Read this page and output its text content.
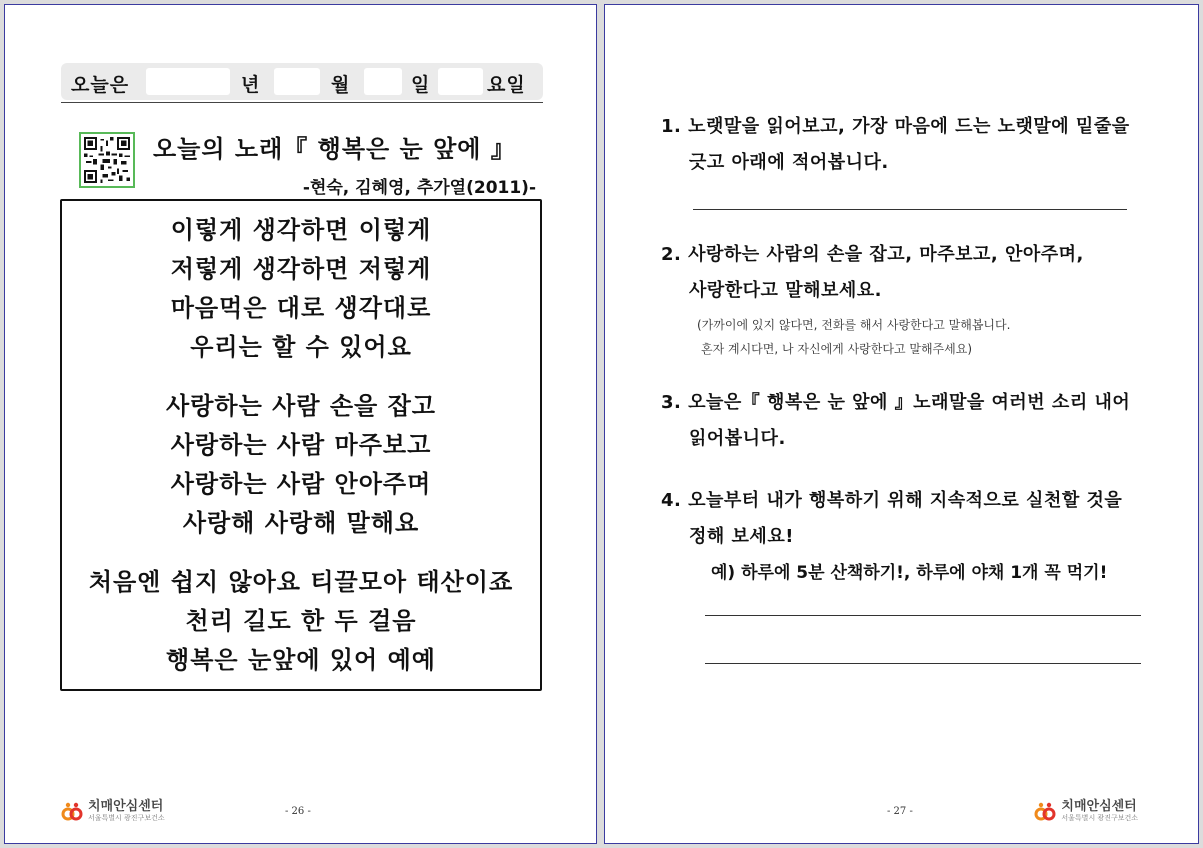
오늘은	년	월	일	요일
오늘의 노래『 행복은 눈 앞에 』
-현숙, 김혜영, 추가열(2011)-
이렇게 생각하면 이렇게
저렇게 생각하면 저렇게
마음먹은 대로 생각대로
우리는 할 수 있어요
사랑하는 사람 손을 잡고
사랑하는 사람 마주보고
사랑하는 사람 안아주며
사랑해 사랑해 말해요
처음엔 쉽지 않아요 티끌모아 태산이죠
천리 길도 한 두 걸음
행복은 눈앞에 있어 예예
치매안심센터
서울특별시 광진구보건소
- 26 -
1. 노랫말을 읽어보고, 가장 마음에 드는 노랫말에 밑줄을
긋고 아래에 적어봅니다.
2. 사랑하는 사람의 손을 잡고, 마주보고, 안아주며,
사랑한다고 말해보세요.
(가까이에 있지 않다면, 전화를 해서 사랑한다고 말해봅니다.
혼자 계시다면, 나 자신에게 사랑한다고 말해주세요)
3. 오늘은『 행복은 눈 앞에 』노래말을 여러번 소리 내어
읽어봅니다.
4. 오늘부터 내가 행복하기 위해 지속적으로 실천할 것을
정해 보세요!
예) 하루에 5분 산책하기!, 하루에 야채 1개 꼭 먹기!
- 27 -	치매안심센터
서울특별시 광진구보건소
